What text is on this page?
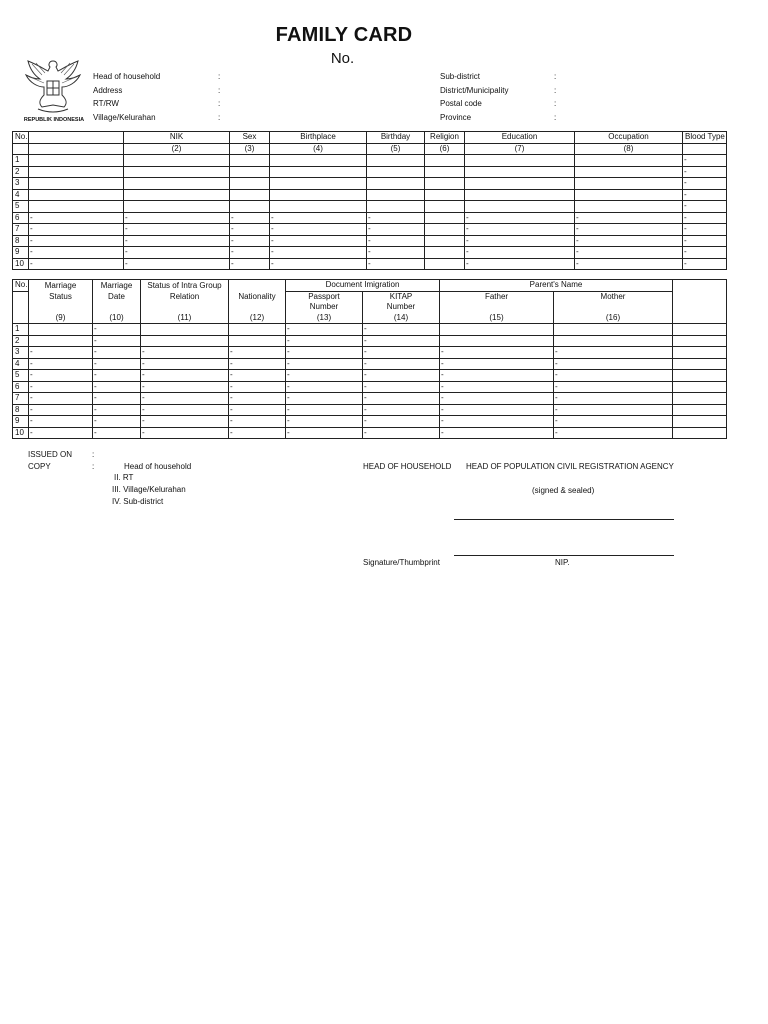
FAMILY CARD
No.
REPUBLIK INDONESIA
Head of household
Address
RT/RW
Village/Kelurahan
:
:
:
:
Sub-district
District/Municipality
Postal code
Province
:
:
:
:
No.		NIK	Sex	Birthplace	Birthday	Religion	Education	Occupation	Blood Type
		(2)	(3)	(4)	(5)	(6)	(7)	(8)	
1									-
2									-
3									-
4									-
5									-
6	-	-	-	-	-		-	-	-
7	-	-	-	-	-		-	-	-
8	-	-	-	-	-		-	-	-
9	-	-	-	-	-		-	-	-
10	-	-	-	-	-		-	-	-
No.	Marriage	Marriage	Status of Intra Group		Document Imigration		Parent's Name		
	Status	Date	Relation	Nationality	Passport	KITAP	Father	Mother	
					Number	Number			
	(9)	(10)	(11)	(12)	(13)	(14)	(15)	(16)	
1		-			-	-			
2		-			-	-			
3	-	-	-	-	-	-	-	-	
4	-	-	-	-	-	-	-	-	
5	-	-	-	-	-	-	-	-	
6	-	-	-	-	-	-	-	-	
7	-	-	-	-	-	-	-	-	
8	-	-	-	-	-	-	-	-	
9	-	-	-	-	-	-	-	-	
10	-	-	-	-	-	-	-	-	
ISSUED ON :
COPY	:	Head of household
II. RT
III. Village/Kelurahan
IV. Sub-district
HEAD OF HOUSEHOLD HEAD OF POPULATION CIVIL REGISTRATION AGENCY
(signed & sealed)
Signature/Thumbprint	NIP.
